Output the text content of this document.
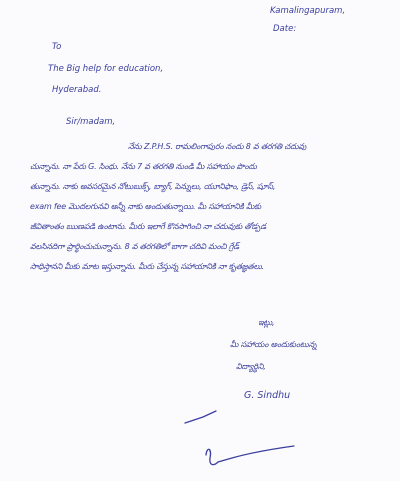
Kamalingapuram,

Date:

To

The Big help for education,

Hyderabad.

Sir/madam,

నేను Z.P.H.S. రామలింగాపురం నందు 8 వ తరగతి చదువు

చున్నాను. నా పేరు G. సింధు. నేను 7 వ తరగతి నుండి మీ సహాయం పొందు

తున్నాను. నాకు అవసరమైన నోటుబుక్స్, బ్యాగ్, పెన్నులు, యూనిఫాం, డ్రెస్, షూస్,

exam fee మొదలగునవి అన్నీ నాకు అందుతున్నాయి. మీ సహాయానికి మీకు

జీవితాంతం ఋణపడి ఉంటాను. మీరు ఇలాగే కొనసాగించి నా చదువుకు తోడ్పడ

వలసినదిగా ప్రార్థించుచున్నాను. 8 వ తరగతిలో బాగా చదివి మంచి గ్రేడ్

సాధిస్తానని మీకు మాట ఇస్తున్నాను. మీరు చేస్తున్న సహాయానికి నా కృతజ్ఞతలు.

ఇట్లు,

మీ సహాయం అందుకుంటున్న

విద్యార్థిని,

G. Sindhu
